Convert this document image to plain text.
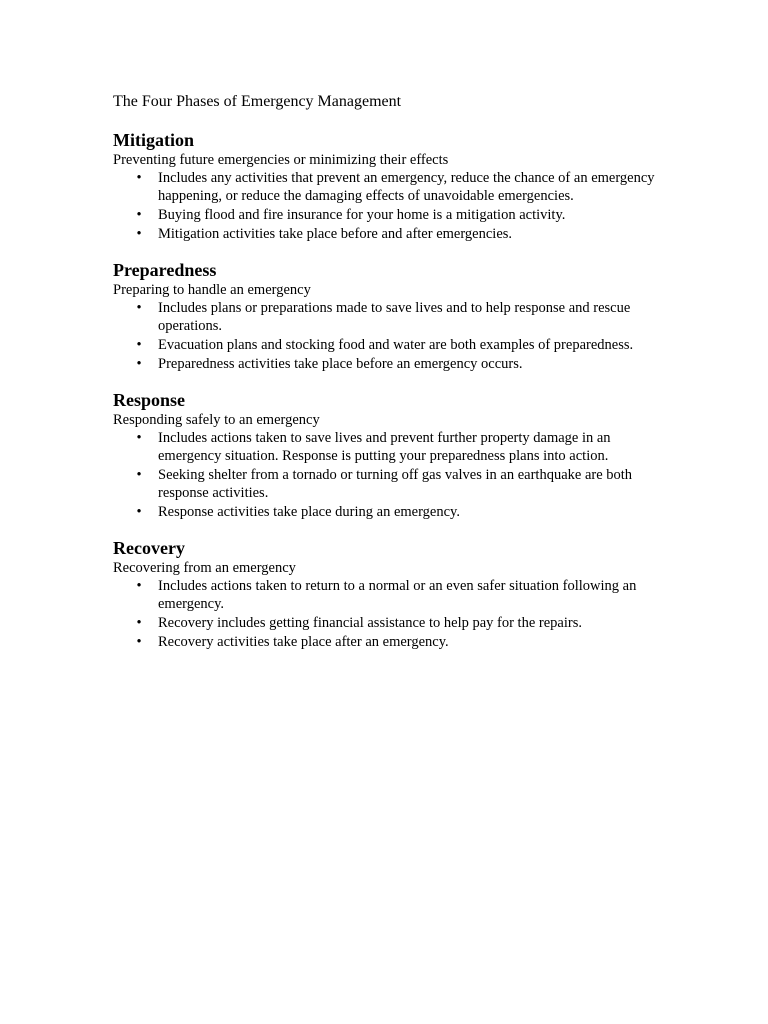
The Four Phases of Emergency Management

Mitigation

Preventing future emergencies or minimizing their effects

• Includes any activities that prevent an emergency, reduce the chance of an emergency happening, or reduce the damaging effects of unavoidable emergencies.
• Buying flood and fire insurance for your home is a mitigation activity.
• Mitigation activities take place before and after emergencies.
Preparedness

Preparing to handle an emergency

• Includes plans or preparations made to save lives and to help response and rescue operations.
• Evacuation plans and stocking food and water are both examples of preparedness.
• Preparedness activities take place before an emergency occurs.
Response

Responding safely to an emergency

• Includes actions taken to save lives and prevent further property damage in an emergency situation. Response is putting your preparedness plans into action.
• Seeking shelter from a tornado or turning off gas valves in an earthquake are both response activities.
• Response activities take place during an emergency.
Recovery

Recovering from an emergency

• Includes actions taken to return to a normal or an even safer situation following an emergency.
• Recovery includes getting financial assistance to help pay for the repairs.
• Recovery activities take place after an emergency.
